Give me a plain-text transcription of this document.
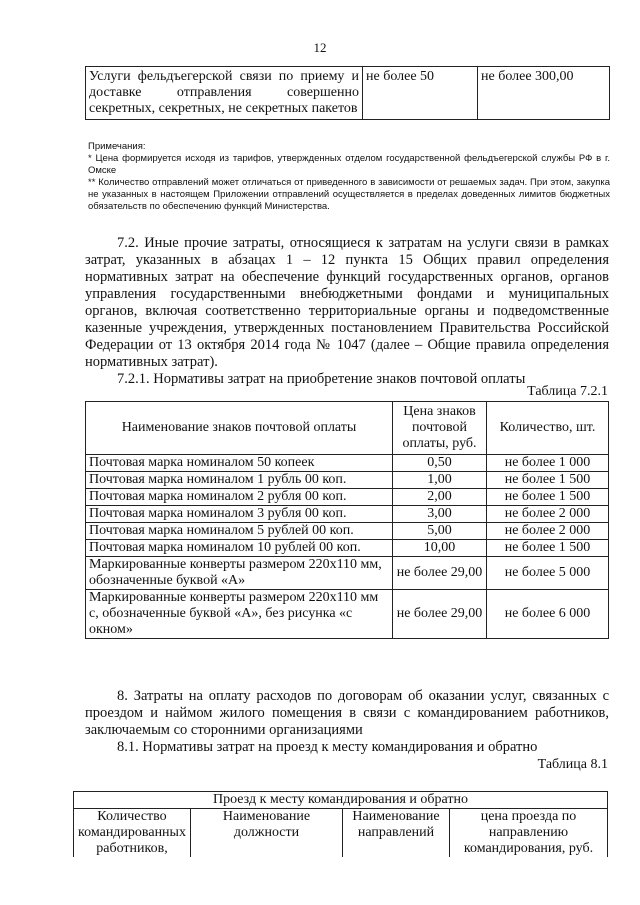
12
Услуги фельдъегерской связи по приему и доставке отправления совершенно секретных, секретных, не секретных пакетов	не более 50	не более 300,00

Примечания:

* Цена формируется исходя из тарифов, утвержденных отделом государственной фельдъегерской службы РФ в г. Омске

** Количество отправлений может отличаться от приведенного в зависимости от решаемых задач. При этом, закупка не указанных в настоящем Приложении отправлений осуществляется в пределах доведенных лимитов бюджетных обязательств по обеспечению функций Министерства.

7.2. Иные прочие затраты, относящиеся к затратам на услуги связи в рамках затрат, указанных в абзацах 1 – 12 пункта 15 Общих правил определения нормативных затрат на обеспечение функций государственных органов, органов управления государственными внебюджетными фондами и муниципальных органов, включая соответственно территориальные органы и подведомственные казенные учреждения, утвержденных постановлением Правительства Российской Федерации от 13 октября 2014 года № 1047 (далее – Общие правила определения нормативных затрат).

7.2.1. Нормативы затрат на приобретение знаков почтовой оплаты

Таблица 7.2.1
Наименование знаков почтовой оплаты	Цена знаков почтовой оплаты, руб.	Количество, шт.
Почтовая марка номиналом 50 копеек	0,50	не более 1 000
Почтовая марка номиналом 1 рубль 00 коп.	1,00	не более 1 500
Почтовая марка номиналом 2 рубля 00 коп.	2,00	не более 1 500
Почтовая марка номиналом 3 рубля 00 коп.	3,00	не более 2 000
Почтовая марка номиналом 5 рублей 00 коп.	5,00	не более 2 000
Почтовая марка номиналом 10 рублей 00 коп.	10,00	не более 1 500
Маркированные конверты размером 220х110 мм, обозначенные буквой «А»	не более 29,00	не более 5 000
Маркированные конверты размером 220х110 мм с, обозначенные буквой «А», без рисунка «с окном»	не более 29,00	не более 6 000

8. Затраты на оплату расходов по договорам об оказании услуг, связанных с проездом и наймом жилого помещения в связи с командированием работников, заключаемым со сторонними организациями

8.1. Нормативы затрат на проезд к месту командирования и обратно

Таблица 8.1
Проезд к месту командирования и обратно
Количество командированных работников,	Наименование должности	Наименование направлений	цена проезда по направлению командирования, руб.
